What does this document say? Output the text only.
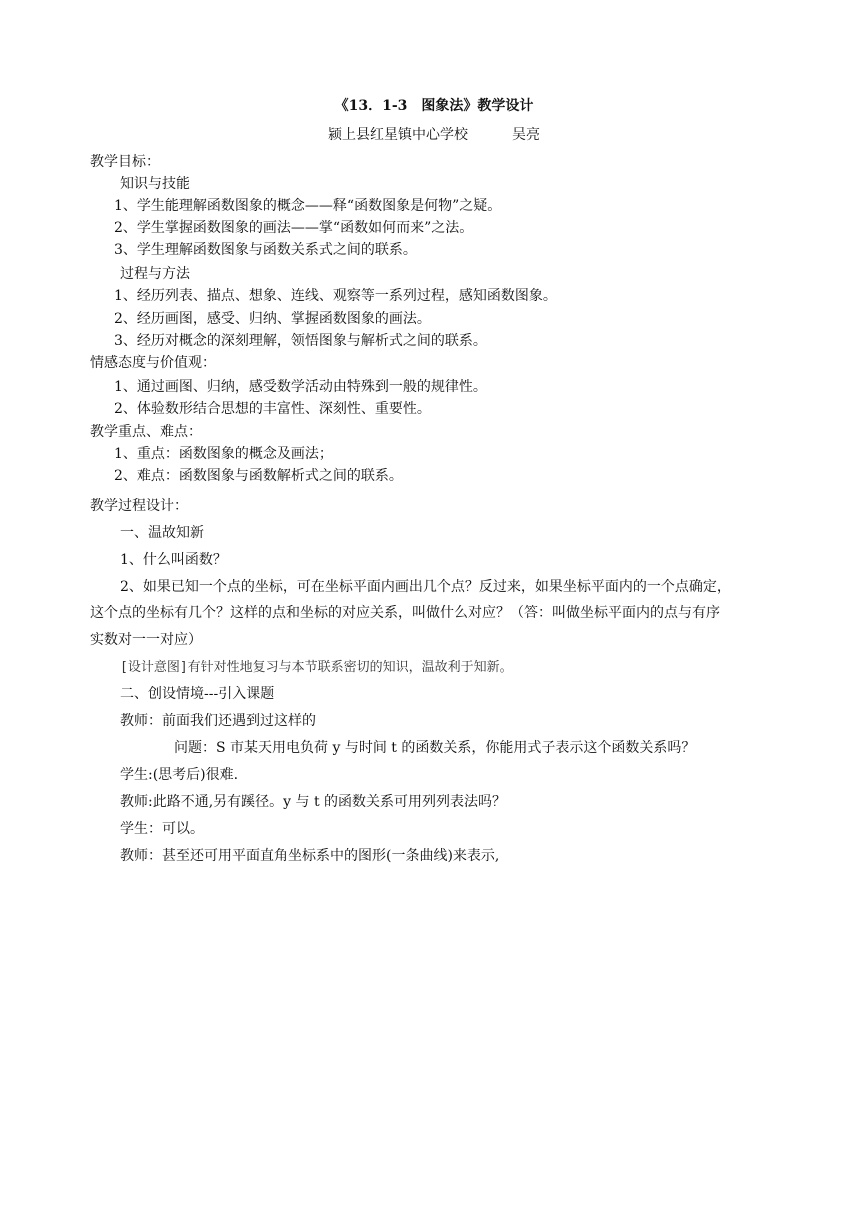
《13．1-3　图象法》教学设计
颍上县红星镇中心学校	吴亮
教学目标：
知识与技能
1、学生能理解函数图象的概念——释“函数图象是何物”之疑。
2、学生掌握函数图象的画法——掌“函数如何而来”之法。
3、学生理解函数图象与函数关系式之间的联系。
过程与方法
1、经历列表、描点、想象、连线、观察等一系列过程，感知函数图象。
2、经历画图，感受、归纳、掌握函数图象的画法。
3、经历对概念的深刻理解，领悟图象与解析式之间的联系。
情感态度与价值观：
1、通过画图、归纳，感受数学活动由特殊到一般的规律性。
2、体验数形结合思想的丰富性、深刻性、重要性。
教学重点、难点：
1、重点：函数图象的概念及画法；
2、难点：函数图象与函数解析式之间的联系。
教学过程设计：
一、温故知新
1、什么叫函数？
2、如果已知一个点的坐标，可在坐标平面内画出几个点？反过来，如果坐标平面内的一个点确定，
这个点的坐标有几个？这样的点和坐标的对应关系，叫做什么对应？（答：叫做坐标平面内的点与有序
实数对一一对应）
[设计意图]有针对性地复习与本节联系密切的知识，温故利于知新。
二、创设情境---引入课题
教师：前面我们还遇到过这样的
问题：S 市某天用电负荷 y 与时间 t 的函数关系，你能用式子表示这个函数关系吗？
学生:(思考后)很难.
教师:此路不通,另有蹊径。y 与 t 的函数关系可用列列表法吗？
学生：可以。
教师：甚至还可用平面直角坐标系中的图形(一条曲线)来表示,
